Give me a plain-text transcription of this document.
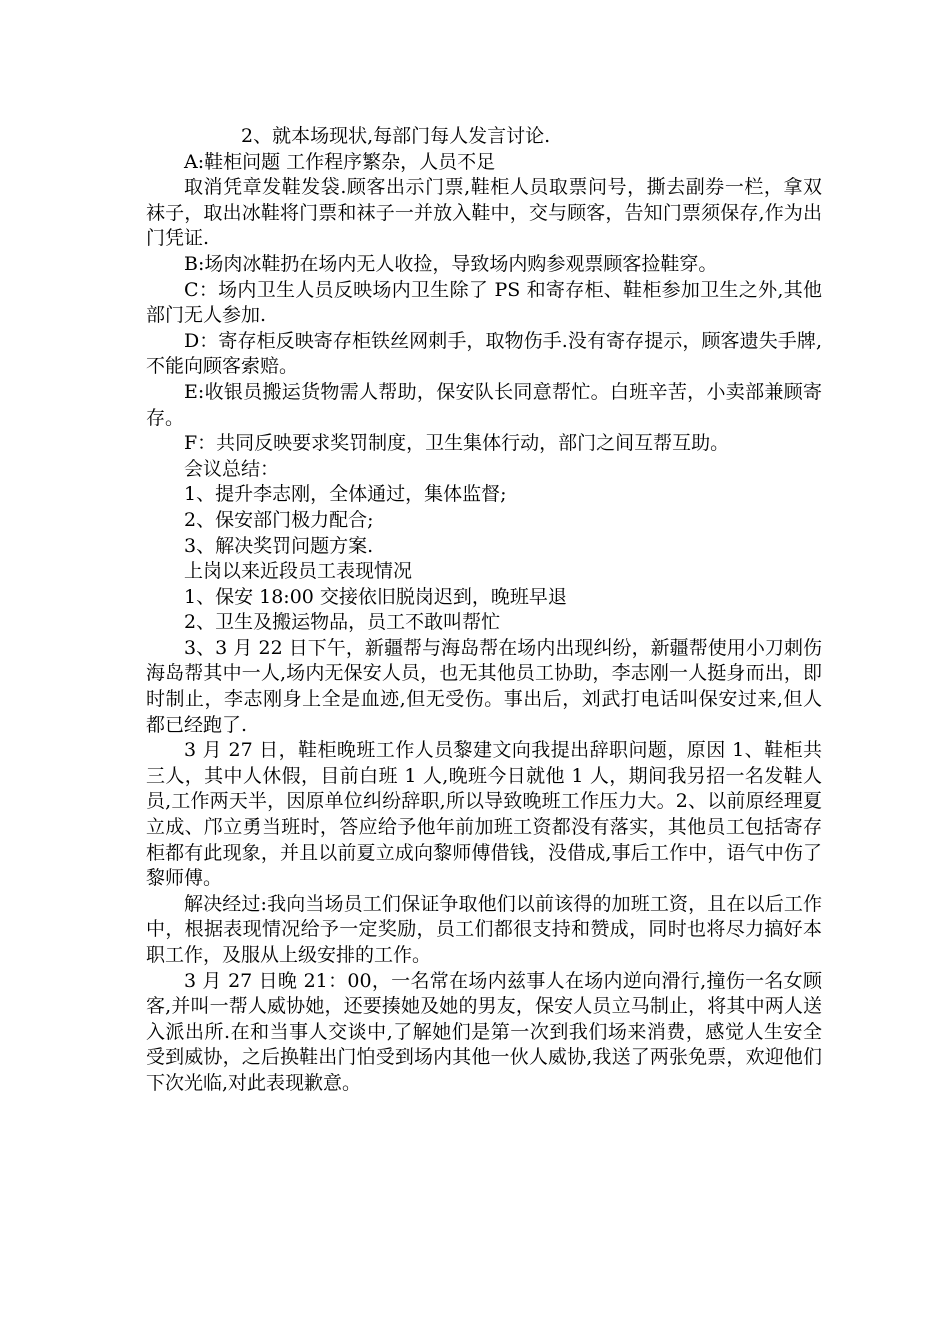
2、就本场现状,每部门每人发言讨论.

A:鞋柜问题 工作程序繁杂，人员不足

取消凭章发鞋发袋.顾客出示门票,鞋柜人员取票问号，撕去副券一栏，拿双袜子，取出冰鞋将门票和袜子一并放入鞋中，交与顾客，告知门票须保存,作为出门凭证.

B:场肉冰鞋扔在场内无人收捡，导致场内购参观票顾客捡鞋穿。

C：场内卫生人员反映场内卫生除了 PS 和寄存柜、鞋柜参加卫生之外,其他部门无人参加.

D：寄存柜反映寄存柜铁丝网刺手，取物伤手.没有寄存提示，顾客遗失手牌,不能向顾客索赔。

E:收银员搬运货物需人帮助，保安队长同意帮忙。白班辛苦，小卖部兼顾寄存。

F：共同反映要求奖罚制度，卫生集体行动，部门之间互帮互助。

会议总结：

1、提升李志刚，全体通过，集体监督;

2、保安部门极力配合;

3、解决奖罚问题方案.

上岗以来近段员工表现情况

1、保安 18:00 交接依旧脱岗迟到，晚班早退

2、卫生及搬运物品，员工不敢叫帮忙

3、3 月 22 日下午，新疆帮与海岛帮在场内出现纠纷，新疆帮使用小刀刺伤海岛帮其中一人,场内无保安人员，也无其他员工协助，李志刚一人挺身而出，即时制止，李志刚身上全是血迹,但无受伤。事出后，刘武打电话叫保安过来,但人都已经跑了.

3 月 27 日，鞋柜晚班工作人员黎建文向我提出辞职问题，原因 1、鞋柜共三人，其中人休假，目前白班 1 人,晚班今日就他 1 人，期间我另招一名发鞋人员,工作两天半，因原单位纠纷辞职,所以导致晚班工作压力大。2、以前原经理夏立成、邝立勇当班时，答应给予他年前加班工资都没有落实，其他员工包括寄存柜都有此现象，并且以前夏立成向黎师傅借钱，没借成,事后工作中，语气中伤了黎师傅。

解决经过:我向当场员工们保证争取他们以前该得的加班工资，且在以后工作中，根据表现情况给予一定奖励，员工们都很支持和赞成，同时也将尽力搞好本职工作，及服从上级安排的工作。

3 月 27 日晚 21：00，一名常在场内兹事人在场内逆向滑行,撞伤一名女顾客,并叫一帮人威协她，还要揍她及她的男友，保安人员立马制止，将其中两人送入派出所.在和当事人交谈中,了解她们是第一次到我们场来消费，感觉人生安全受到威协，之后换鞋出门怕受到场内其他一伙人威协,我送了两张免票，欢迎他们下次光临,对此表现歉意。
